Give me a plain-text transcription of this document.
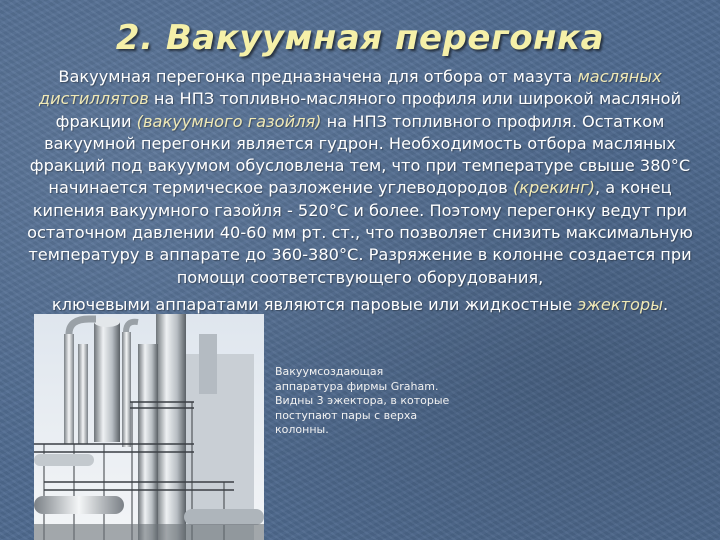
2. Вакуумная перегонка
Вакуумная перегонка предназначена для отбора от мазута масляных дистиллятов на НПЗ топливно-масляного профиля или широкой масляной фракции (вакуумного газойля) на НПЗ топливного профиля. Остатком вакуумной перегонки является гудрон. Необходимость отбора масляных фракций под вакуумом обусловлена тем, что при температуре свыше 380°С начинается термическое разложение углеводородов (крекинг), а конец кипения вакуумного газойля - 520°С и более. Поэтому перегонку ведут при остаточном давлении 40-60 мм рт. ст., что позволяет снизить максимальную температуру в аппарате до 360-380°С. Разряжение в колонне создается при помощи соответствующего оборудования,
ключевыми аппаратами являются паровые или жидкостные эжекторы.
Вакуумсоздающая аппаратура фирмы Graham. Видны 3 эжектора, в которые поступают пары с верха колонны.
